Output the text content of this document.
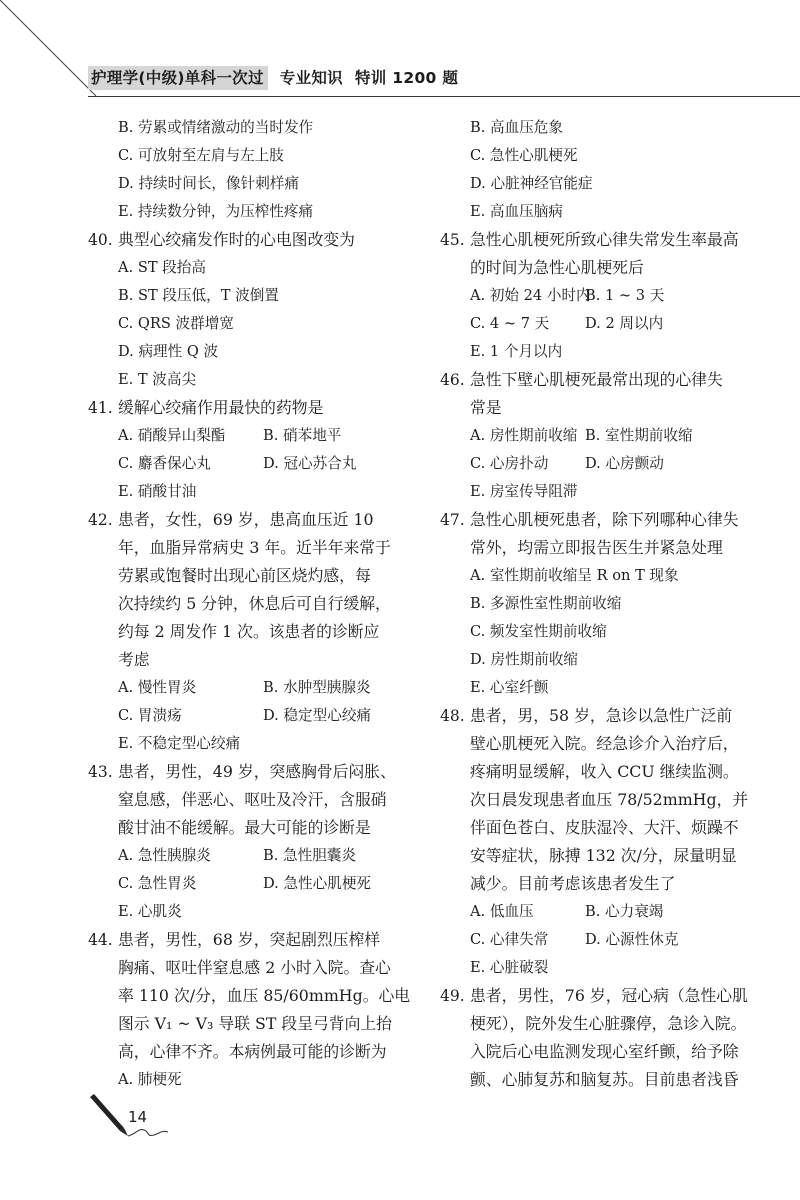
护理学(中级)单科一次过 专业知识 特训 1200 题
B. 劳累或情绪激动的当时发作
C. 可放射至左肩与左上肢
D. 持续时间长，像针刺样痛
E. 持续数分钟，为压榨性疼痛
40. 典型心绞痛发作时的心电图改变为
A. ST 段抬高
B. ST 段压低，T 波倒置
C. QRS 波群增宽
D. 病理性 Q 波
E. T 波高尖
41. 缓解心绞痛作用最快的药物是
A. 硝酸异山梨酯	B. 硝苯地平
C. 麝香保心丸	D. 冠心苏合丸
E. 硝酸甘油
42. 患者，女性，69 岁，患高血压近 10
年，血脂异常病史 3 年。近半年来常于
劳累或饱餐时出现心前区烧灼感，每
次持续约 5 分钟，休息后可自行缓解，
约每 2 周发作 1 次。该患者的诊断应
考虑
A. 慢性胃炎	B. 水肿型胰腺炎
C. 胃溃疡	D. 稳定型心绞痛
E. 不稳定型心绞痛
43. 患者，男性，49 岁，突感胸骨后闷胀、
窒息感，伴恶心、呕吐及冷汗，含服硝
酸甘油不能缓解。最大可能的诊断是
A. 急性胰腺炎	B. 急性胆囊炎
C. 急性胃炎	D. 急性心肌梗死
E. 心肌炎
44. 患者，男性，68 岁，突起剧烈压榨样
胸痛、呕吐伴窒息感 2 小时入院。查心
率 110 次/分，血压 85/60mmHg。心电
图示 V₁ ~ V₃ 导联 ST 段呈弓背向上抬
高，心律不齐。本病例最可能的诊断为
A. 肺梗死
B. 高血压危象
C. 急性心肌梗死
D. 心脏神经官能症
E. 高血压脑病
45. 急性心肌梗死所致心律失常发生率最高
的时间为急性心肌梗死后
A. 初始 24 小时内
B. 1 ~ 3 天
C. 4 ~ 7 天 D. 2 周以内
E. 1 个月以内
46. 急性下壁心肌梗死最常出现的心律失
常是
A. 房性期前收缩 B. 室性期前收缩
C. 心房扑动	D. 心房颤动
E. 房室传导阻滞
47. 急性心肌梗死患者，除下列哪种心律失
常外，均需立即报告医生并紧急处理
A. 室性期前收缩呈 R on T 现象
B. 多源性室性期前收缩
C. 频发室性期前收缩
D. 房性期前收缩
E. 心室纤颤
48. 患者，男，58 岁，急诊以急性广泛前
壁心肌梗死入院。经急诊介入治疗后，
疼痛明显缓解，收入 CCU 继续监测。
次日晨发现患者血压 78/52mmHg，并
伴面色苍白、皮肤湿冷、大汗、烦躁不
安等症状，脉搏 132 次/分，尿量明显
减少。目前考虑该患者发生了
A. 低血压	B. 心力衰竭
C. 心律失常	D. 心源性休克
E. 心脏破裂
49. 患者，男性，76 岁，冠心病（急性心肌
梗死），院外发生心脏骤停，急诊入院。
入院后心电监测发现心室纤颤，给予除
颤、心肺复苏和脑复苏。目前患者浅昏
14
